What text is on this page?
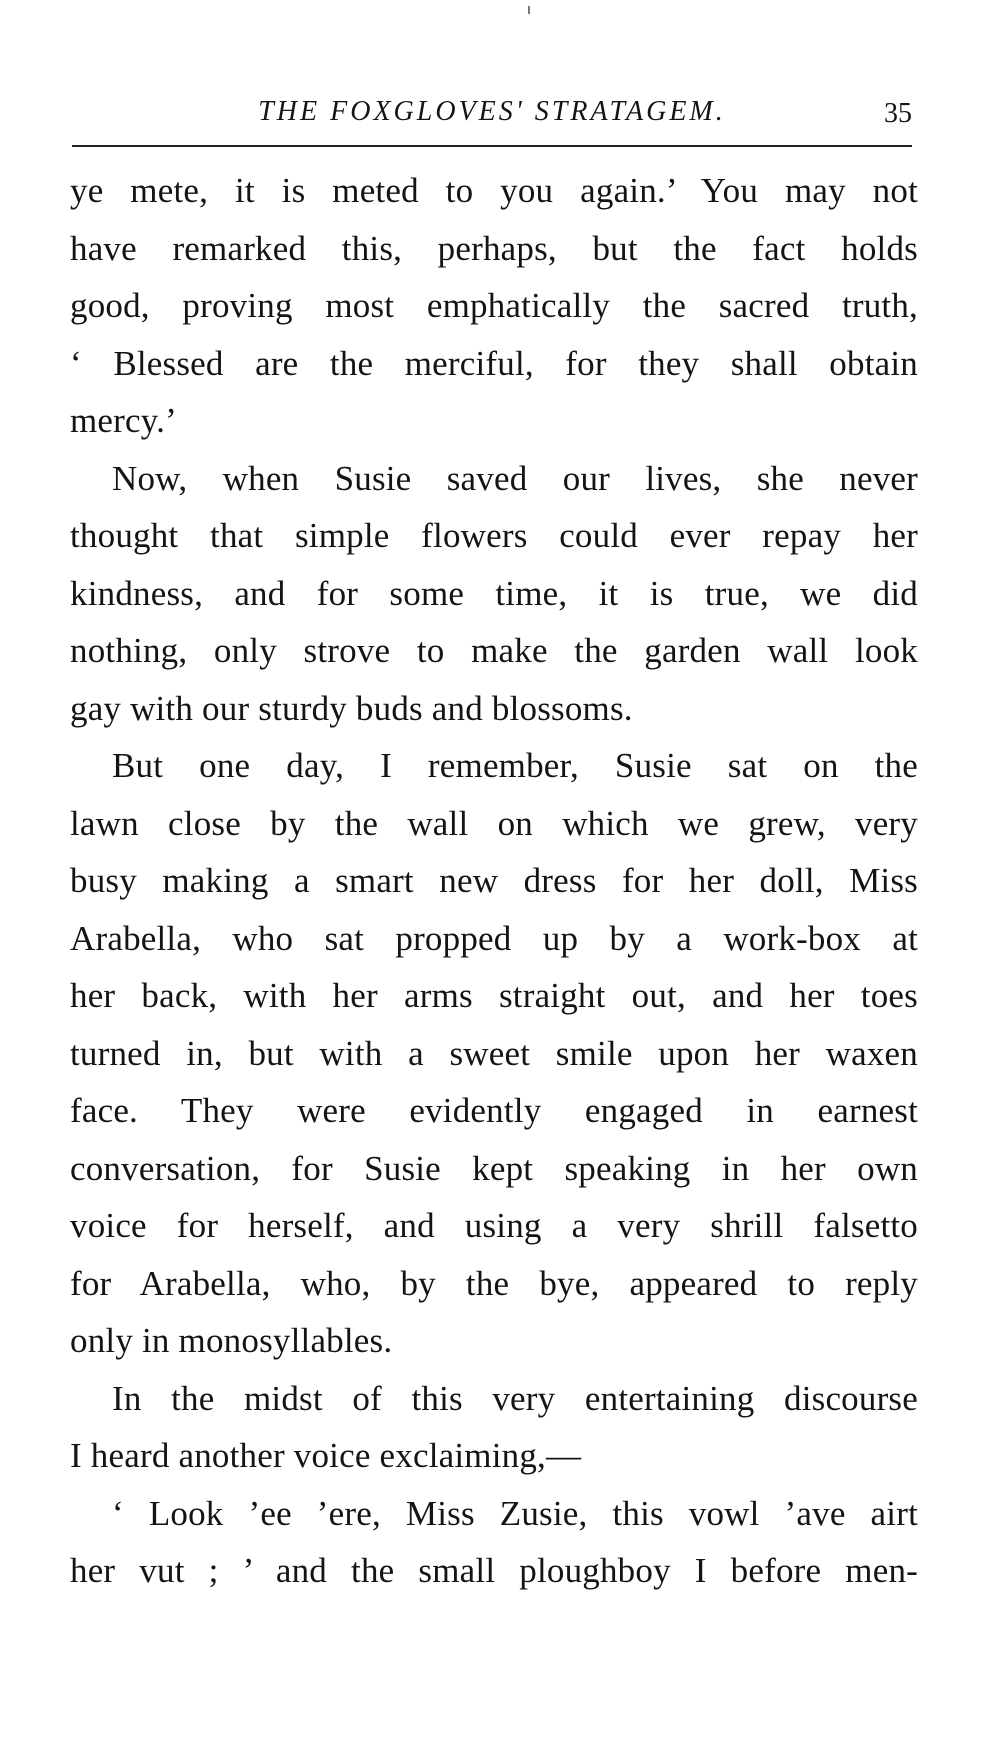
THE FOXGLOVES' STRATAGEM.	35
ye mete, it is meted to you again.’ You may not
have remarked this, perhaps, but the fact holds
good, proving most emphatically the sacred truth,
‘ Blessed are the merciful, for they shall obtain
mercy.’
Now, when Susie saved our lives, she never
thought that simple flowers could ever repay her
kindness, and for some time, it is true, we did
nothing, only strove to make the garden wall look
gay with our sturdy buds and blossoms.
But one day, I remember, Susie sat on the
lawn close by the wall on which we grew, very
busy making a smart new dress for her doll, Miss
Arabella, who sat propped up by a work-box at
her back, with her arms straight out, and her toes
turned in, but with a sweet smile upon her waxen
face. They were evidently engaged in earnest
conversation, for Susie kept speaking in her own
voice for herself, and using a very shrill falsetto
for Arabella, who, by the bye, appeared to reply
only in monosyllables.
In the midst of this very entertaining discourse
I heard another voice exclaiming,—
‘ Look ’ee ’ere, Miss Zusie, this vowl ’ave airt
her vut ; ’ and the small ploughboy I before men-
